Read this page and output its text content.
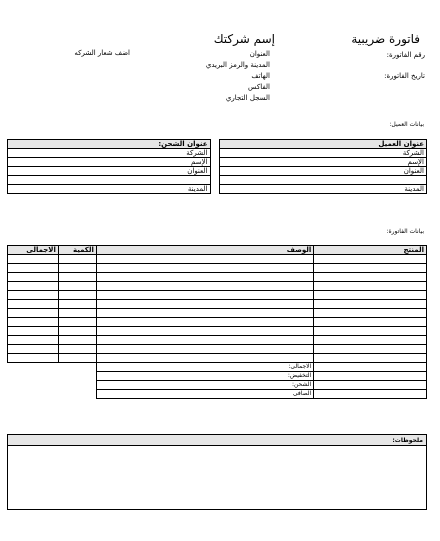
فاتورة ضريبية
إسم شركتك
اضف شعار الشركه	العنوان
المدينة والرمز البريدي
الهاتف
الفاكس
السجل التجاري
رقم الفاتورة:
تاريخ الفاتورة:
بيانات العميل:
عنوان الشحن:		عنوان العميل
الشركة		الشركة
الإسم		الإسم
العنوان		العنوان

المدينة		المدينة
بيانات الفاتورة:
الاجمالى	الكمية	الوصف	المنتج

		الاجمالى:	
		التخفيض:	
		الشحن:	
		الصافى	
ملحوظات:
